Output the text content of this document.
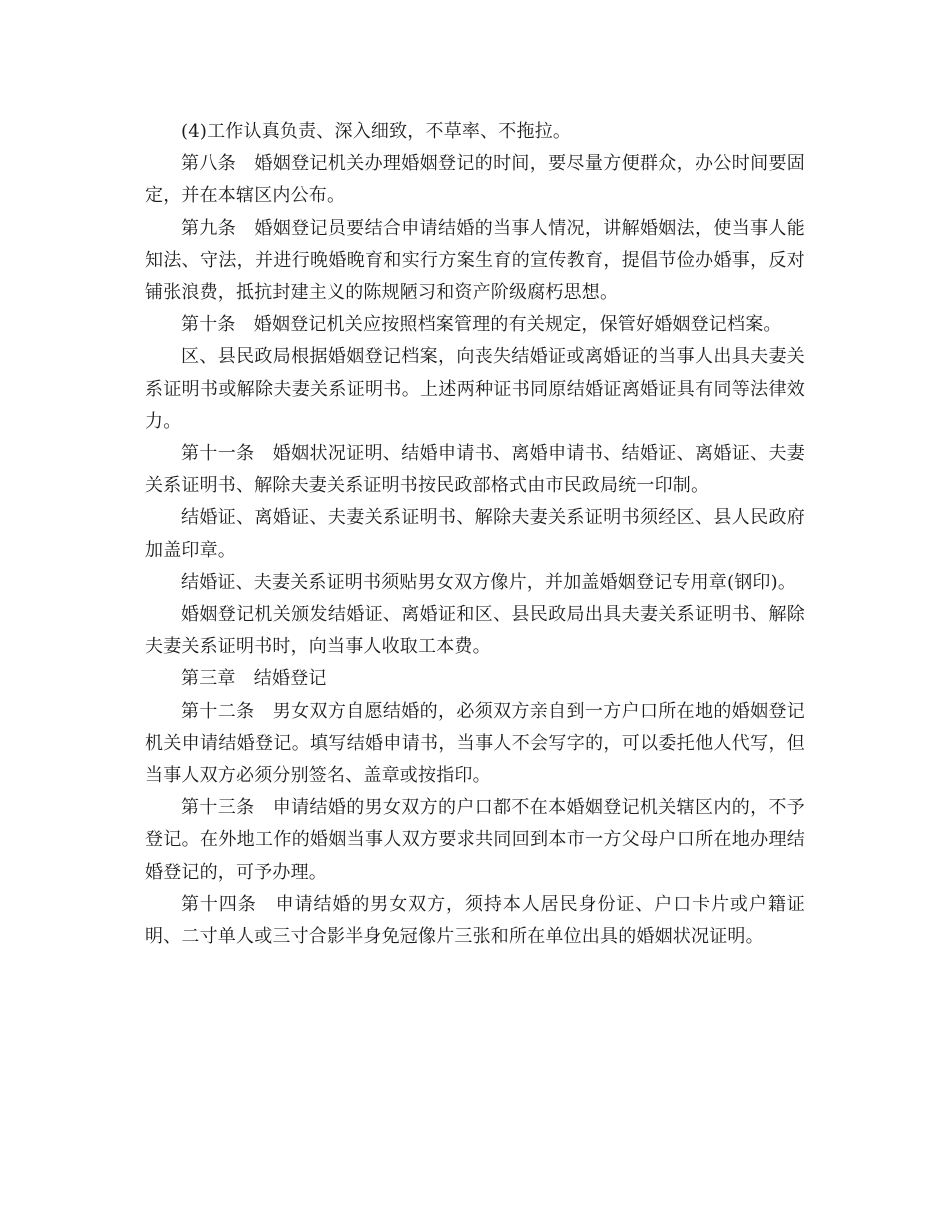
(4)工作认真负责、深入细致，不草率、不拖拉。

第八条　婚姻登记机关办理婚姻登记的时间，要尽量方便群众，办公时间要固定，并在本辖区内公布。

第九条　婚姻登记员要结合申请结婚的当事人情况，讲解婚姻法，使当事人能知法、守法，并进行晚婚晚育和实行方案生育的宣传教育，提倡节俭办婚事，反对铺张浪费，抵抗封建主义的陈规陋习和资产阶级腐朽思想。

第十条　婚姻登记机关应按照档案管理的有关规定，保管好婚姻登记档案。

区、县民政局根据婚姻登记档案，向丧失结婚证或离婚证的当事人出具夫妻关系证明书或解除夫妻关系证明书。上述两种证书同原结婚证离婚证具有同等法律效力。

第十一条　婚姻状况证明、结婚申请书、离婚申请书、结婚证、离婚证、夫妻关系证明书、解除夫妻关系证明书按民政部格式由市民政局统一印制。

结婚证、离婚证、夫妻关系证明书、解除夫妻关系证明书须经区、县人民政府加盖印章。

结婚证、夫妻关系证明书须贴男女双方像片，并加盖婚姻登记专用章(钢印)。

婚姻登记机关颁发结婚证、离婚证和区、县民政局出具夫妻关系证明书、解除夫妻关系证明书时，向当事人收取工本费。

第三章　结婚登记

第十二条　男女双方自愿结婚的，必须双方亲自到一方户口所在地的婚姻登记机关申请结婚登记。填写结婚申请书，当事人不会写字的，可以委托他人代写，但当事人双方必须分别签名、盖章或按指印。

第十三条　申请结婚的男女双方的户口都不在本婚姻登记机关辖区内的，不予登记。在外地工作的婚姻当事人双方要求共同回到本市一方父母户口所在地办理结婚登记的，可予办理。

第十四条　申请结婚的男女双方，须持本人居民身份证、户口卡片或户籍证明、二寸单人或三寸合影半身免冠像片三张和所在单位出具的婚姻状况证明。
